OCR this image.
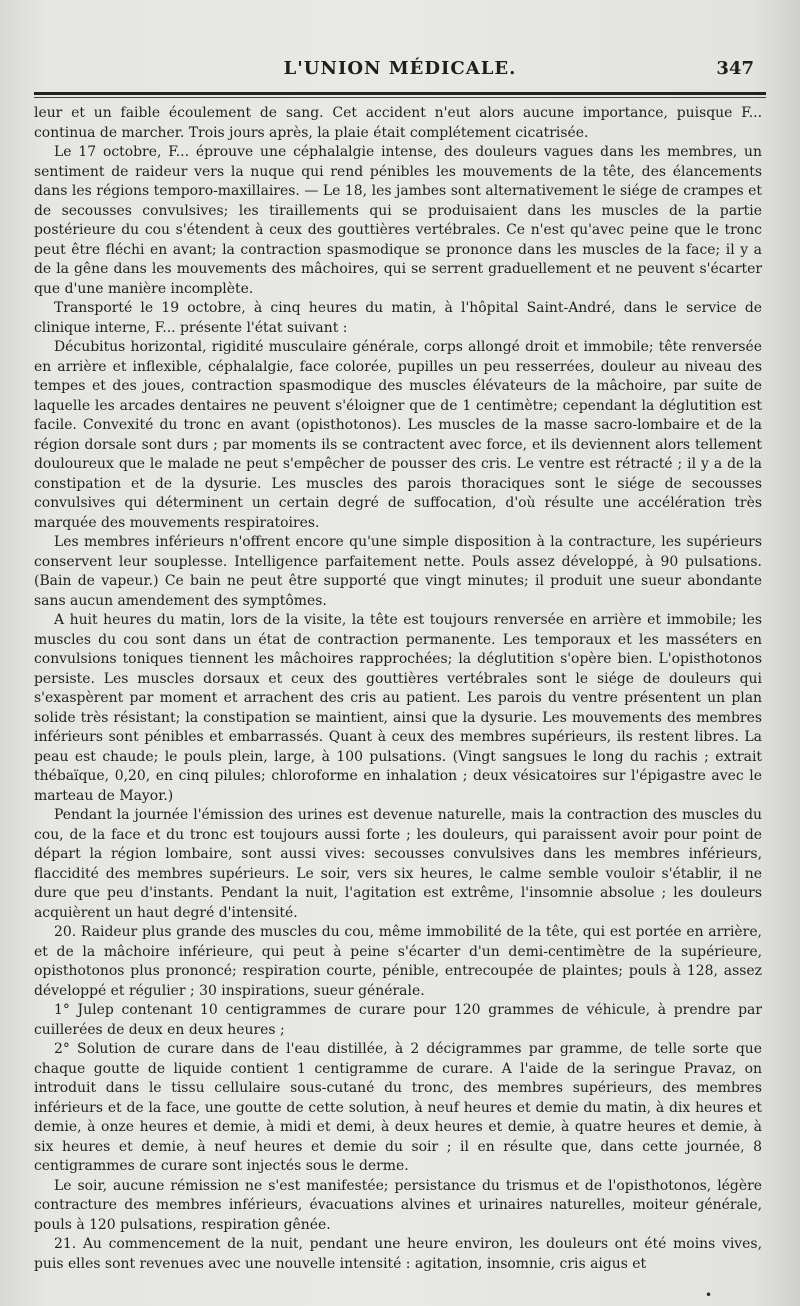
L'UNION MÉDICALE.	347

leur et un faible écoulement de sang. Cet accident n'eut alors aucune importance, puisque F... continua de marcher. Trois jours après, la plaie était complétement cicatrisée.

Le 17 octobre, F... éprouve une céphalalgie intense, des douleurs vagues dans les membres, un sentiment de raideur vers la nuque qui rend pénibles les mouvements de la tête, des élancements dans les régions temporo-maxillaires. — Le 18, les jambes sont alternativement le siége de crampes et de secousses convulsives; les tiraillements qui se produisaient dans les muscles de la partie postérieure du cou s'étendent à ceux des gouttières vertébrales. Ce n'est qu'avec peine que le tronc peut être fléchi en avant; la contraction spasmodique se prononce dans les muscles de la face; il y a de la gêne dans les mouvements des mâchoires, qui se serrent graduellement et ne peuvent s'écarter que d'une manière incomplète.

Transporté le 19 octobre, à cinq heures du matin, à l'hôpital Saint-André, dans le service de clinique interne, F... présente l'état suivant :

Décubitus horizontal, rigidité musculaire générale, corps allongé droit et immobile; tête renversée en arrière et inflexible, céphalalgie, face colorée, pupilles un peu resserrées, douleur au niveau des tempes et des joues, contraction spasmodique des muscles élévateurs de la mâchoire, par suite de laquelle les arcades dentaires ne peuvent s'éloigner que de 1 centimètre; cependant la déglutition est facile. Convexité du tronc en avant (opisthotonos). Les muscles de la masse sacro-lombaire et de la région dorsale sont durs ; par moments ils se contractent avec force, et ils deviennent alors tellement douloureux que le malade ne peut s'empêcher de pousser des cris. Le ventre est rétracté ; il y a de la constipation et de la dysurie. Les muscles des parois thoraciques sont le siége de secousses convulsives qui déterminent un certain degré de suffocation, d'où résulte une accélération très marquée des mouvements respiratoires.

Les membres inférieurs n'offrent encore qu'une simple disposition à la contracture, les supérieurs conservent leur souplesse. Intelligence parfaitement nette. Pouls assez développé, à 90 pulsations. (Bain de vapeur.) Ce bain ne peut être supporté que vingt minutes; il produit une sueur abondante sans aucun amendement des symptômes.

A huit heures du matin, lors de la visite, la tête est toujours renversée en arrière et immobile; les muscles du cou sont dans un état de contraction permanente. Les temporaux et les masséters en convulsions toniques tiennent les mâchoires rapprochées; la déglutition s'opère bien. L'opisthotonos persiste. Les muscles dorsaux et ceux des gouttières vertébrales sont le siége de douleurs qui s'exaspèrent par moment et arrachent des cris au patient. Les parois du ventre présentent un plan solide très résistant; la constipation se maintient, ainsi que la dysurie. Les mouvements des membres inférieurs sont pénibles et embarrassés. Quant à ceux des membres supérieurs, ils restent libres. La peau est chaude; le pouls plein, large, à 100 pulsations. (Vingt sangsues le long du rachis ; extrait thébaïque, 0,20, en cinq pilules; chloroforme en inhalation ; deux vésicatoires sur l'épigastre avec le marteau de Mayor.)

Pendant la journée l'émission des urines est devenue naturelle, mais la contraction des muscles du cou, de la face et du tronc est toujours aussi forte ; les douleurs, qui paraissent avoir pour point de départ la région lombaire, sont aussi vives: secousses convulsives dans les membres inférieurs, flaccidité des membres supérieurs. Le soir, vers six heures, le calme semble vouloir s'établir, il ne dure que peu d'instants. Pendant la nuit, l'agitation est extrême, l'insomnie absolue ; les douleurs acquièrent un haut degré d'intensité.

20. Raideur plus grande des muscles du cou, même immobilité de la tête, qui est portée en arrière, et de la mâchoire inférieure, qui peut à peine s'écarter d'un demi-centimètre de la supérieure, opisthotonos plus prononcé; respiration courte, pénible, entrecoupée de plaintes; pouls à 128, assez développé et régulier ; 30 inspirations, sueur générale.

1° Julep contenant 10 centigrammes de curare pour 120 grammes de véhicule, à prendre par cuillerées de deux en deux heures ;

2° Solution de curare dans de l'eau distillée, à 2 décigrammes par gramme, de telle sorte que chaque goutte de liquide contient 1 centigramme de curare. A l'aide de la seringue Pravaz, on introduit dans le tissu cellulaire sous-cutané du tronc, des membres supérieurs, des membres inférieurs et de la face, une goutte de cette solution, à neuf heures et demie du matin, à dix heures et demie, à onze heures et demie, à midi et demi, à deux heures et demie, à quatre heures et demie, à six heures et demie, à neuf heures et demie du soir ; il en résulte que, dans cette journée, 8 centigrammes de curare sont injectés sous le derme.

Le soir, aucune rémission ne s'est manifestée; persistance du trismus et de l'opisthotonos, légère contracture des membres inférieurs, évacuations alvines et urinaires naturelles, moiteur générale, pouls à 120 pulsations, respiration gênée.

21. Au commencement de la nuit, pendant une heure environ, les douleurs ont été moins vives, puis elles sont revenues avec une nouvelle intensité : agitation, insomnie, cris aigus et

•
